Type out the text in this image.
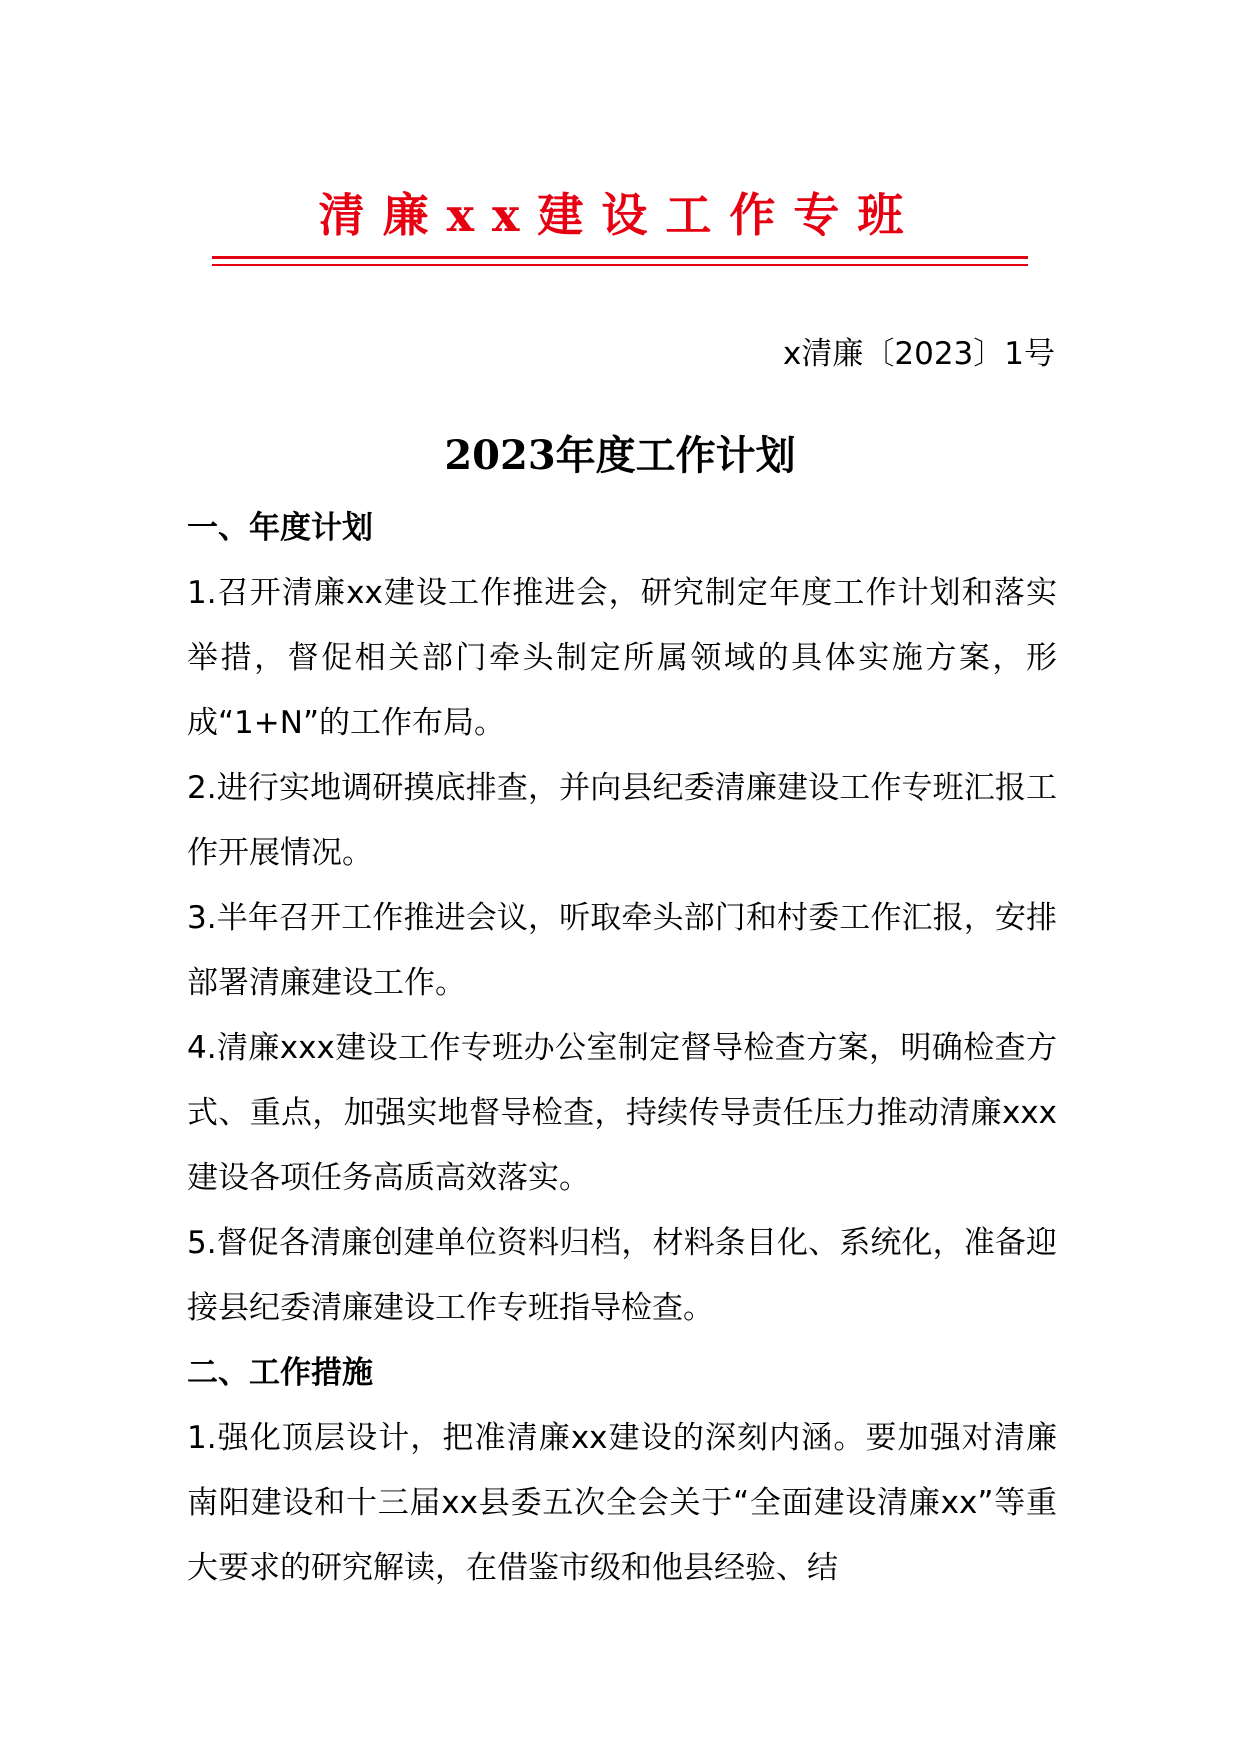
清廉xx建设工作专班
x清廉〔2023〕1号
2023年度工作计划

一、年度计划

1.召开清廉xx建设工作推进会，研究制定年度工作计划和落实举措，督促相关部门牵头制定所属领域的具体实施方案，形成“1+N”的工作布局。

2.进行实地调研摸底排查，并向县纪委清廉建设工作专班汇报工作开展情况。

3.半年召开工作推进会议，听取牵头部门和村委工作汇报，安排部署清廉建设工作。

4.清廉xxx建设工作专班办公室制定督导检查方案，明确检查方式、重点，加强实地督导检查，持续传导责任压力推动清廉xxx建设各项任务高质高效落实。

5.督促各清廉创建单位资料归档，材料条目化、系统化，准备迎接县纪委清廉建设工作专班指导检查。

二、工作措施

1.强化顶层设计，把准清廉xx建设的深刻内涵。要加强对清廉南阳建设和十三届xx县委五次全会关于“全面建设清廉xx”等重大要求的研究解读，在借鉴市级和他县经验、结
